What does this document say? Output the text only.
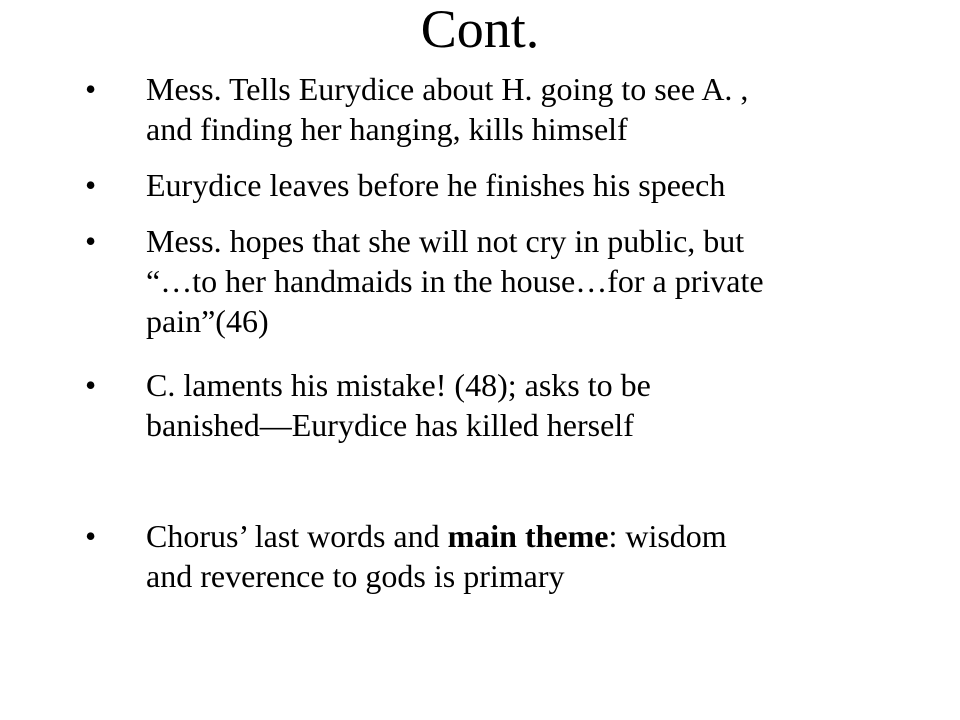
Cont.
•	Mess. Tells Eurydice about H. going to see A. ,
and finding her hanging, kills himself
•	Eurydice leaves before he finishes his speech
•	Mess. hopes that she will not cry in public, but
“…to her handmaids in the house…for a private
pain”(46)
•	C. laments his mistake! (48); asks to be
banished—Eurydice has killed herself
•	Chorus’ last words and main theme: wisdom
and reverence to gods is primary
